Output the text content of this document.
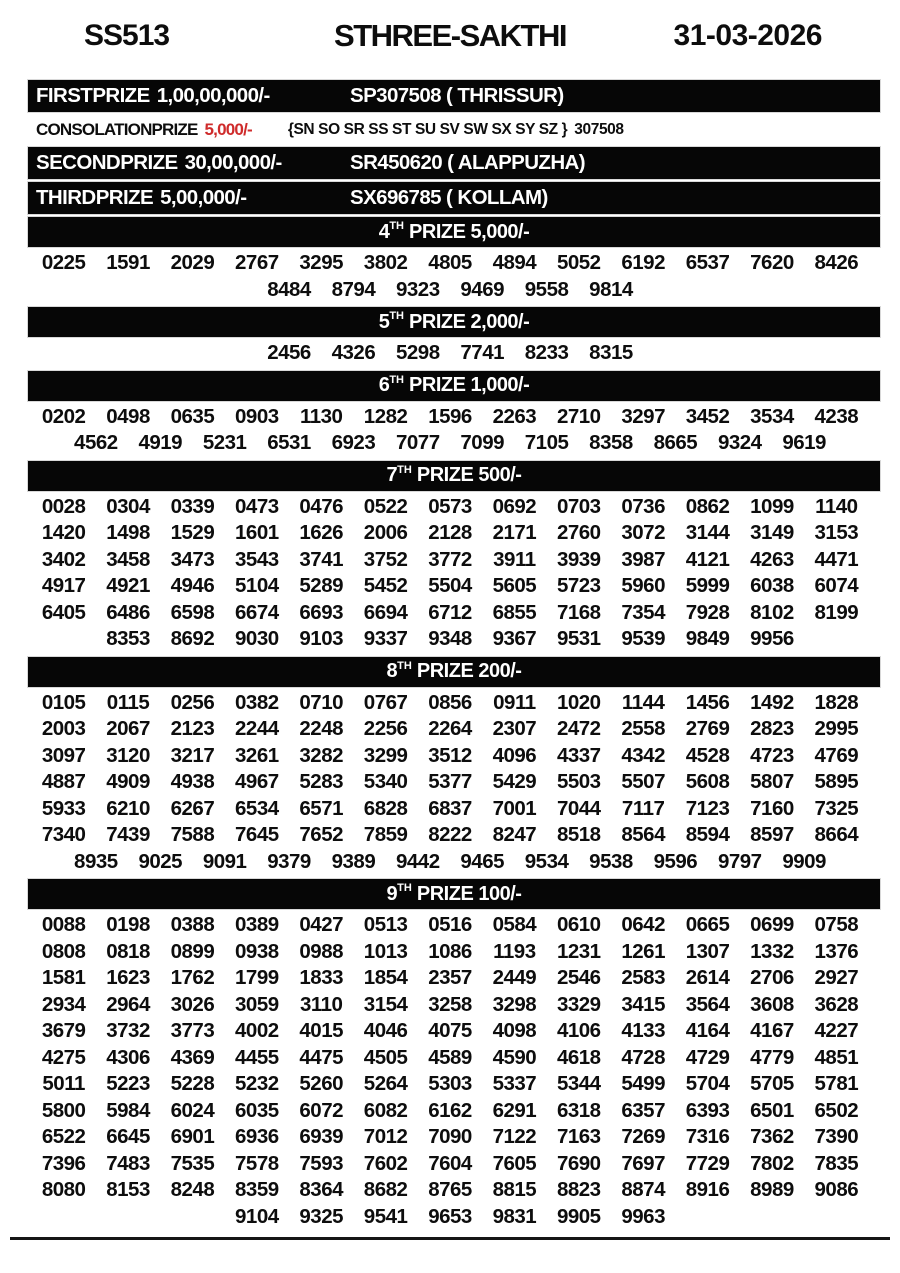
SS513	STHREE-SAKTHI	31-03-2026
FIRST PRIZE 1,00,00,000/-	SP307508 ( THRISSUR)
CONSOLATION PRIZE 5,000/- {SN SO SR SS ST SU SV SW SX SY SZ } 307508
SECOND PRIZE 30,00,000/-	SR450620 ( ALAPPUZHA)
THIRD PRIZE 5,00,000/-	SX696785 ( KOLLAM)
4 TH PRIZE 5,000/-
0225	1591	2029	2767	3295	3802	4805	4894	5052	6192	6537	7620	8426
8484	8794	9323	9469	9558	9814
5 TH PRIZE 2,000/-
2456	4326	5298	7741	8233	8315
6 TH PRIZE 1,000/-
0202	0498	0635	0903	1130	1282	1596	2263	2710	3297	3452	3534	4238
4562	4919	5231	6531	6923	7077	7099	7105	8358	8665	9324	9619
7 TH PRIZE 500/-
0028	0304	0339	0473	0476	0522	0573	0692	0703	0736	0862	1099	1140
1420	1498	1529	1601	1626	2006	2128	2171	2760	3072	3144	3149	3153
3402	3458	3473	3543	3741	3752	3772	3911	3939	3987	4121	4263	4471
4917	4921	4946	5104	5289	5452	5504	5605	5723	5960	5999	6038	6074
6405	6486	6598	6674	6693	6694	6712	6855	7168	7354	7928	8102	8199
8353	8692	9030	9103	9337	9348	9367	9531	9539	9849	9956
8 TH PRIZE 200/-
0105	0115	0256	0382	0710	0767	0856	0911	1020	1144	1456	1492	1828
2003	2067	2123	2244	2248	2256	2264	2307	2472	2558	2769	2823	2995
3097	3120	3217	3261	3282	3299	3512	4096	4337	4342	4528	4723	4769
4887	4909	4938	4967	5283	5340	5377	5429	5503	5507	5608	5807	5895
5933	6210	6267	6534	6571	6828	6837	7001	7044	7117	7123	7160	7325
7340	7439	7588	7645	7652	7859	8222	8247	8518	8564	8594	8597	8664
8935	9025	9091	9379	9389	9442	9465	9534	9538	9596	9797	9909
9 TH PRIZE 100/-
0088	0198	0388	0389	0427	0513	0516	0584	0610	0642	0665	0699	0758
0808	0818	0899	0938	0988	1013	1086	1193	1231	1261	1307	1332	1376
1581	1623	1762	1799	1833	1854	2357	2449	2546	2583	2614	2706	2927
2934	2964	3026	3059	3110	3154	3258	3298	3329	3415	3564	3608	3628
3679	3732	3773	4002	4015	4046	4075	4098	4106	4133	4164	4167	4227
4275	4306	4369	4455	4475	4505	4589	4590	4618	4728	4729	4779	4851
5011	5223	5228	5232	5260	5264	5303	5337	5344	5499	5704	5705	5781
5800	5984	6024	6035	6072	6082	6162	6291	6318	6357	6393	6501	6502
6522	6645	6901	6936	6939	7012	7090	7122	7163	7269	7316	7362	7390
7396	7483	7535	7578	7593	7602	7604	7605	7690	7697	7729	7802	7835
8080	8153	8248	8359	8364	8682	8765	8815	8823	8874	8916	8989	9086
9104	9325	9541	9653	9831	9905	9963
